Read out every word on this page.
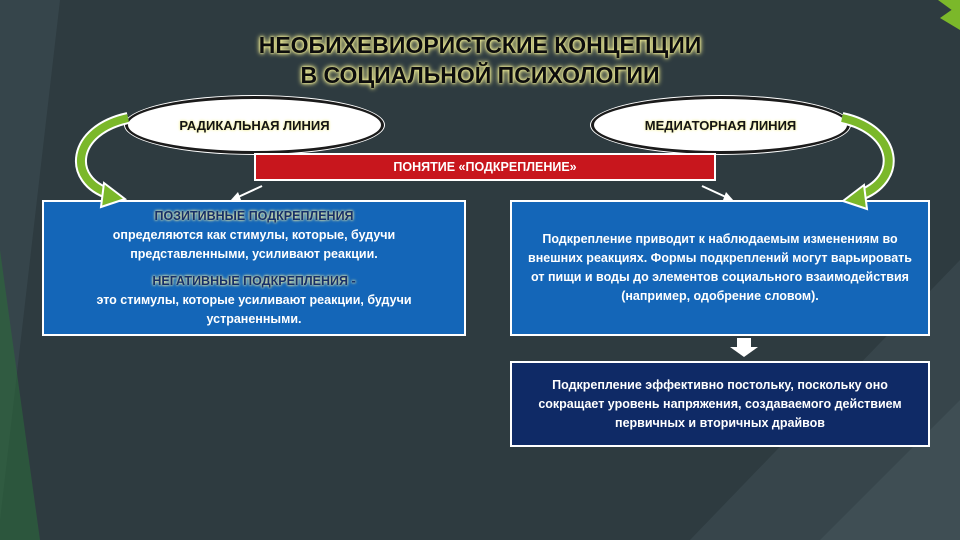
НЕОБИХЕВИОРИСТСКИЕ КОНЦЕПЦИИ
В СОЦИАЛЬНОЙ ПСИХОЛОГИИ
РАДИКАЛЬНАЯ ЛИНИЯ	МЕДИАТОРНАЯ ЛИНИЯ
ПОНЯТИЕ «ПОДКРЕПЛЕНИЕ»

ПОЗИТИВНЫЕ ПОДКРЕПЛЕНИЯ

определяются как стимулы, которые, будучи представленными, усиливают реакции.

НЕГАТИВНЫЕ ПОДКРЕПЛЕНИЯ -

это стимулы, которые усиливают реакции, будучи устраненными.

Подкрепление приводит к наблюдаемым изменениям во внешних реакциях. Формы подкреплений могут варьировать от пищи и воды до элементов социального взаимодействия (например, одобрение словом).

Подкрепление эффективно постольку, поскольку оно сокращает уровень напряжения, создаваемого действием первичных и вторичных драйвов
